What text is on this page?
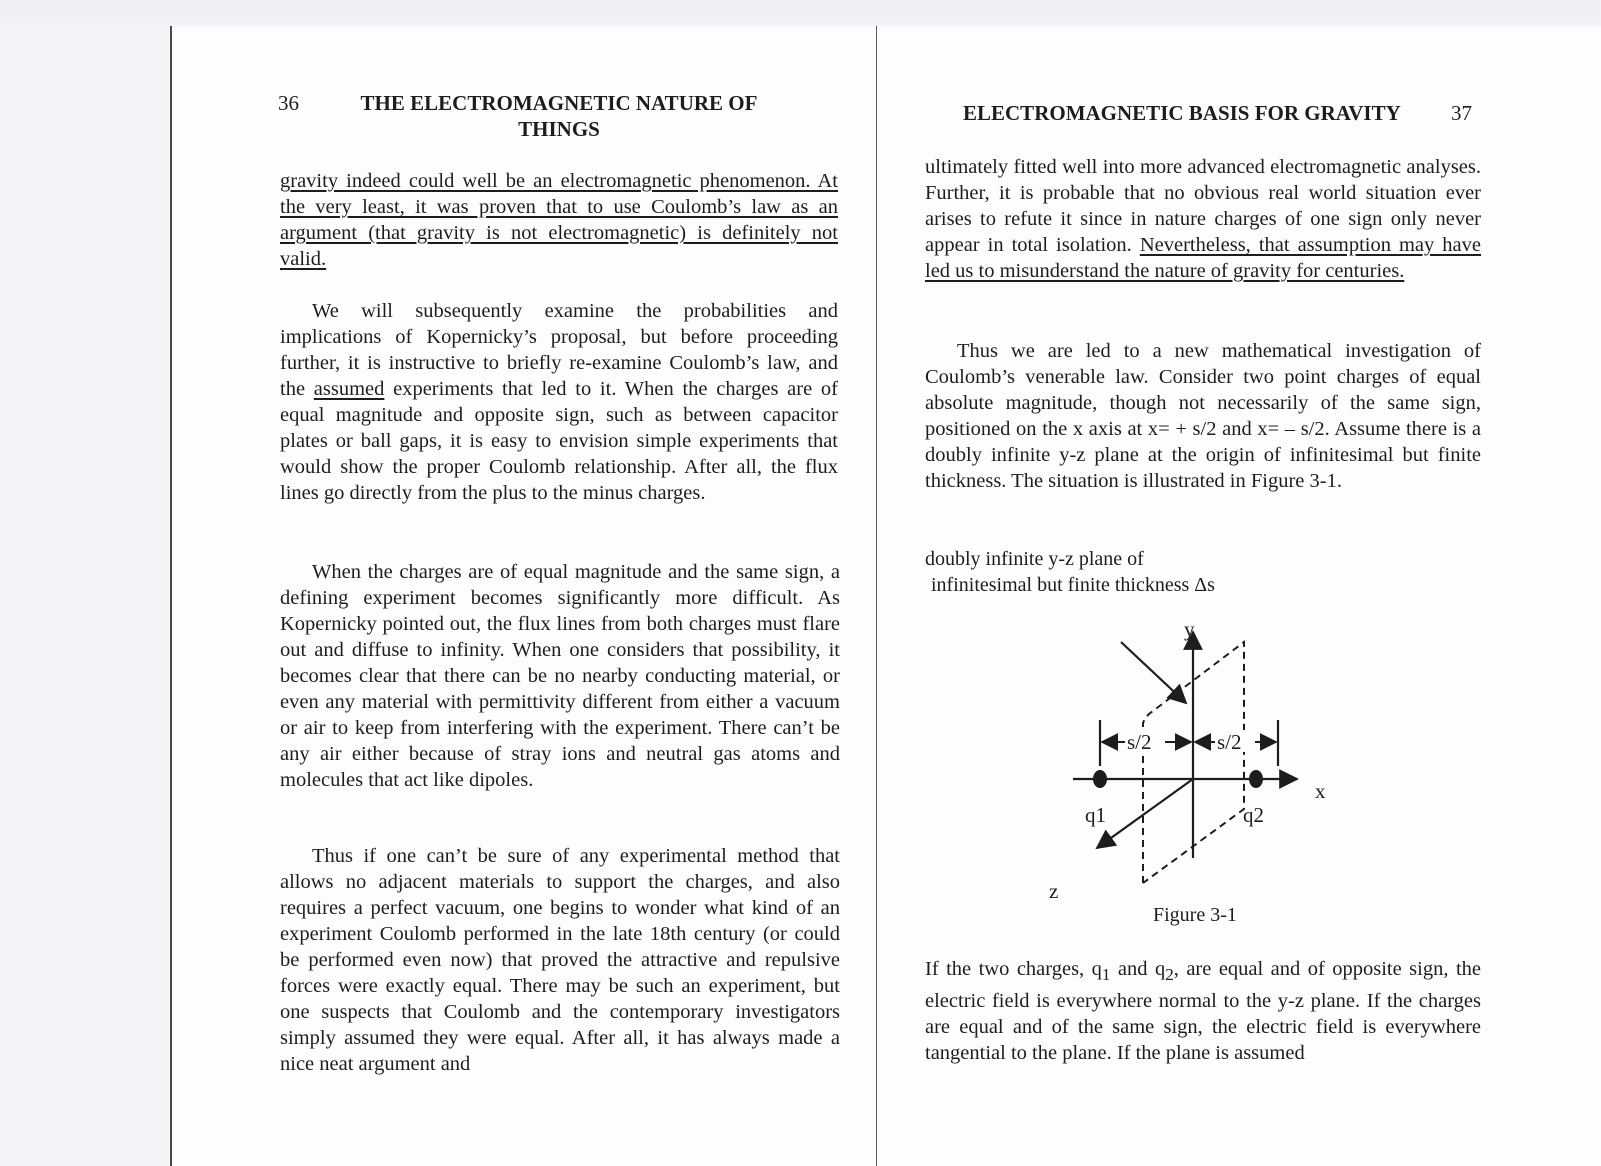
36	THE ELECTROMAGNETIC NATURE OF THINGS

gravity indeed could well be an electromagnetic phenomenon. At the very least, it was proven that to use Coulomb’s law as an argument (that gravity is not electromagnetic) is definitely not valid.

We will subsequently examine the probabilities and implications of Kopernicky’s proposal, but before proceeding further, it is instructive to briefly re-examine Coulomb’s law, and the assumed experiments that led to it. When the charges are of equal magnitude and opposite sign, such as between capacitor plates or ball gaps, it is easy to envision simple experiments that would show the proper Coulomb relationship. After all, the flux lines go directly from the plus to the minus charges.

When the charges are of equal magnitude and the same sign, a defining experiment becomes significantly more difficult. As Kopernicky pointed out, the flux lines from both charges must flare out and diffuse to infinity. When one considers that possibility, it becomes clear that there can be no nearby conducting material, or even any material with permittivity different from either a vacuum or air to keep from interfering with the experiment. There can’t be any air either because of stray ions and neutral gas atoms and molecules that act like dipoles.

Thus if one can’t be sure of any experimental method that allows no adjacent materials to support the charges, and also requires a perfect vacuum, one begins to wonder what kind of an experiment Coulomb performed in the late 18th century (or could be performed even now) that proved the attractive and repulsive forces were exactly equal. There may be such an experiment, but one suspects that Coulomb and the contemporary investigators simply assumed they were equal. After all, it has always made a nice neat argument and

ELECTROMAGNETIC BASIS FOR GRAVITY 37

ultimately fitted well into more advanced electromagnetic analyses. Further, it is probable that no obvious real world situation ever arises to refute it since in nature charges of one sign only never appear in total isolation. Nevertheless, that assumption may have led us to misunderstand the nature of gravity for centuries.

Thus we are led to a new mathematical investigation of Coulomb’s venerable law. Consider two point charges of equal absolute magnitude, though not necessarily of the same sign, positioned on the x axis at x= + s/2 and x= – s/2. Assume there is a doubly infinite y-z plane at the origin of infinitesimal but finite thickness. The situation is illustrated in Figure 3-1.

doubly infinite y-z plane of
infinitesimal but finite thickness Δs
s/2	s/2
q1	q2
y
x
z
Figure 3-1

If the two charges, $q_1$ and $q_2$, are equal and of opposite sign, the electric field is everywhere normal to the y-z plane. If the charges are equal and of the same sign, the electric field is everywhere tangential to the plane. If the plane is assumed
